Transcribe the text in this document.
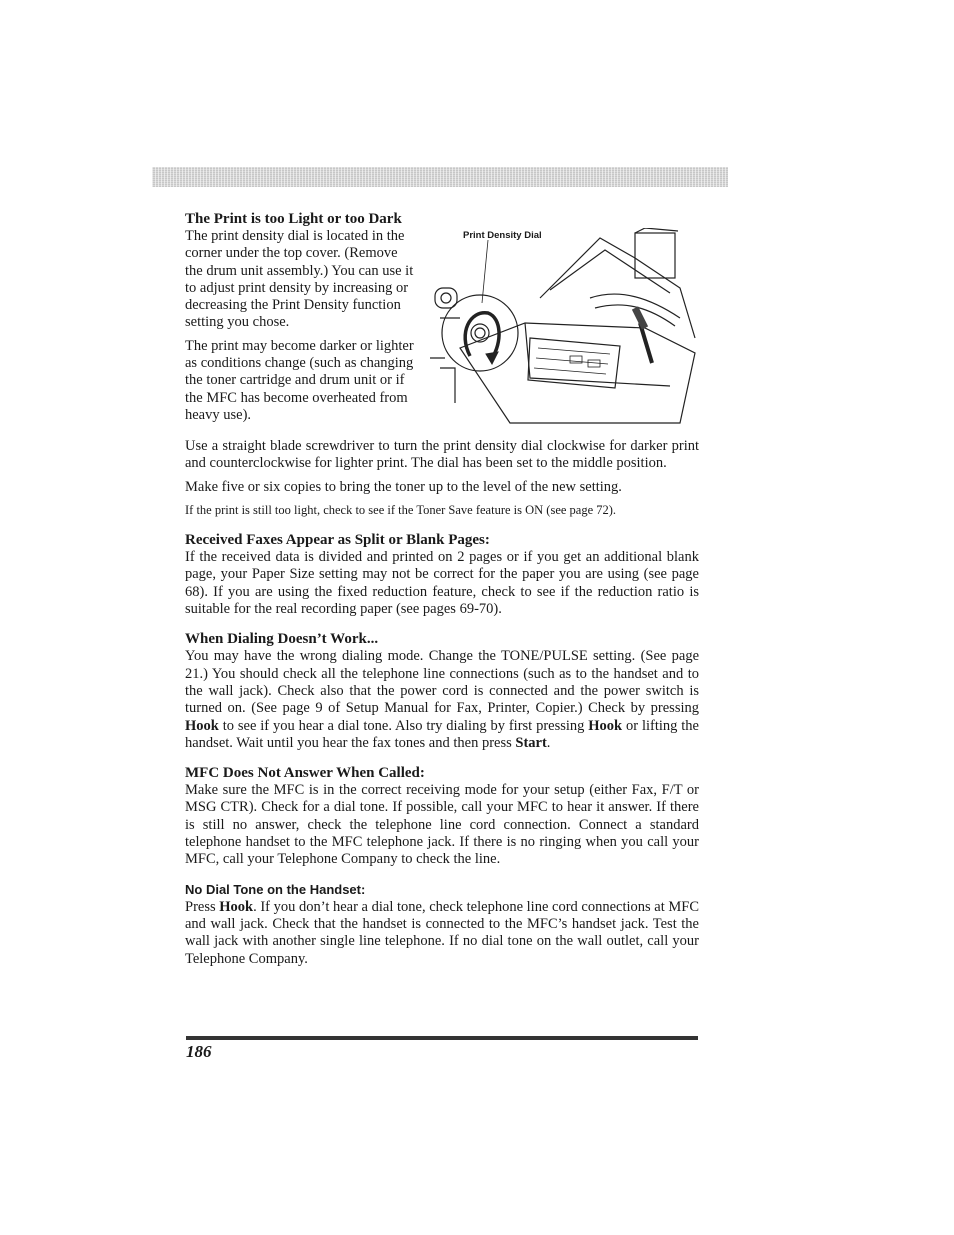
The Print is too Light or too Dark

The print density dial is located in the corner under the top cover. (Remove the drum unit assembly.) You can use it to adjust print density by increasing or decreasing the Print Density function setting you chose.

The print may become darker or lighter as conditions change (such as changing the toner cartridge and drum unit or if the MFC has become overheated from heavy use).

Print Density Dial

Use a straight blade screwdriver to turn the print density dial clockwise for darker print and counterclockwise for lighter print. The dial has been set to the middle position.

Make five or six copies to bring the toner up to the level of the new setting.

If the print is still too light, check to see if the Toner Save feature is ON (see page 72).

Received Faxes Appear as Split or Blank Pages:

If the received data is divided and printed on 2 pages or if you get an additional blank page, your Paper Size setting may not be correct for the paper you are using (see page 68). If you are using the fixed reduction feature, check to see if the reduction ratio is suitable for the real recording paper (see pages 69-70).

When Dialing Doesn’t Work...

You may have the wrong dialing mode. Change the TONE/PULSE setting. (See page 21.) You should check all the telephone line connections (such as to the handset and to the wall jack). Check also that the power cord is connected and the power switch is turned on. (See page 9 of Setup Manual for Fax, Printer, Copier.) Check by pressing Hook to see if you hear a dial tone. Also try dialing by first pressing Hook or lifting the handset. Wait until you hear the fax tones and then press Start.

MFC Does Not Answer When Called:

Make sure the MFC is in the correct receiving mode for your setup (either Fax, F/T or MSG CTR). Check for a dial tone. If possible, call your MFC to hear it answer. If there is still no answer, check the telephone line cord connection. Connect a standard telephone handset to the MFC telephone jack. If there is no ringing when you call your MFC, call your Telephone Company to check the line.

No Dial Tone on the Handset:

Press Hook. If you don’t hear a dial tone, check telephone line cord connections at MFC and wall jack. Check that the handset is connected to the MFC’s handset jack. Test the wall jack with another single line telephone. If no dial tone on the wall outlet, call your Telephone Company.

186
